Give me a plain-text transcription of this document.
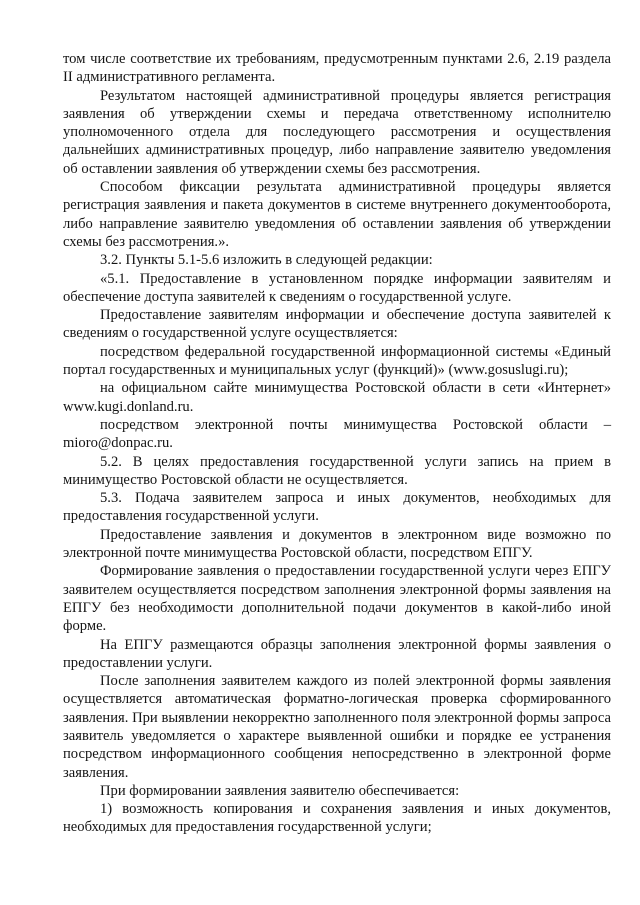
том числе соответствие их требованиям, предусмотренным пунктами 2.6, 2.19 раздела II административного регламента.

Результатом настоящей административной процедуры является регистрация заявления об утверждении схемы и передача ответственному исполнителю уполномоченного отдела для последующего рассмотрения и осуществления дальнейших административных процедур, либо направление заявителю уведомления об оставлении заявления об утверждении схемы без рассмотрения.

Способом фиксации результата административной процедуры является регистрация заявления и пакета документов в системе внутреннего документооборота, либо направление заявителю уведомления об оставлении заявления об утверждении схемы без рассмотрения.».

3.2. Пункты 5.1-5.6 изложить в следующей редакции:

«5.1. Предоставление в установленном порядке информации заявителям и обеспечение доступа заявителей к сведениям о государственной услуге.

Предоставление заявителям информации и обеспечение доступа заявителей к сведениям о государственной услуге осуществляется:

посредством федеральной государственной информационной системы «Единый портал государственных и муниципальных услуг (функций)» (www.gosuslugi.ru);

на официальном сайте минимущества Ростовской области в сети «Интернет» www.kugi.donland.ru.

посредством электронной почты минимущества Ростовской области – mioro@donpac.ru.

5.2. В целях предоставления государственной услуги запись на прием в минимущество Ростовской области не осуществляется.

5.3. Подача заявителем запроса и иных документов, необходимых для предоставления государственной услуги.

Предоставление заявления и документов в электронном виде возможно по электронной почте минимущества Ростовской области, посредством ЕПГУ.

Формирование заявления о предоставлении государственной услуги через ЕПГУ заявителем осуществляется посредством заполнения электронной формы заявления на ЕПГУ без необходимости дополнительной подачи документов в какой-либо иной форме.

На ЕПГУ размещаются образцы заполнения электронной формы заявления о предоставлении услуги.

После заполнения заявителем каждого из полей электронной формы заявления осуществляется автоматическая форматно-логическая проверка сформированного заявления. При выявлении некорректно заполненного поля электронной формы запроса заявитель уведомляется о характере выявленной ошибки и порядке ее устранения посредством информационного сообщения непосредственно в электронной форме заявления.

При формировании заявления заявителю обеспечивается:

1) возможность копирования и сохранения заявления и иных документов, необходимых для предоставления государственной услуги;
